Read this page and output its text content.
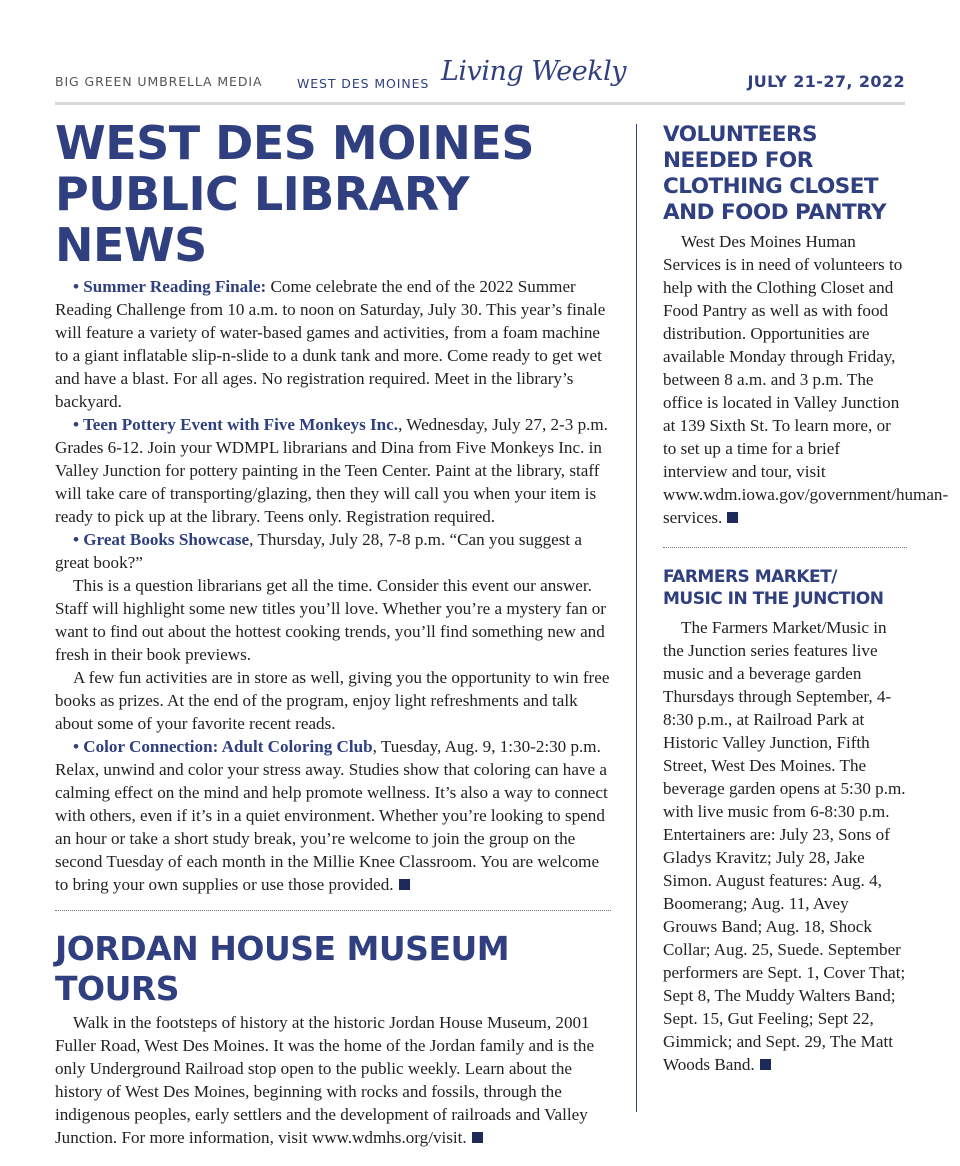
BIG GREEN UMBRELLA MEDIA	WEST DES MOINES Living Weekly	JULY 21-27, 2022
WEST DES MOINES
PUBLIC LIBRARY NEWS

• Summer Reading Finale: Come celebrate the end of the 2022 Summer Reading Challenge from 10 a.m. to noon on Saturday, July 30. This year’s finale will feature a variety of water-based games and activities, from a foam machine to a giant inflatable slip-n-slide to a dunk tank and more. Come ready to get wet and have a blast. For all ages. No registration required. Meet in the library’s backyard.

• Teen Pottery Event with Five Monkeys Inc., Wednesday, July 27, 2-3 p.m. Grades 6-12. Join your WDMPL librarians and Dina from Five Monkeys Inc. in Valley Junction for pottery painting in the Teen Center. Paint at the library, staff will take care of transporting/glazing, then they will call you when your item is ready to pick up at the library. Teens only. Registration required.

• Great Books Showcase, Thursday, July 28, 7-8 p.m. “Can you suggest a great book?”

This is a question librarians get all the time. Consider this event our answer. Staff will highlight some new titles you’ll love. Whether you’re a mystery fan or want to find out about the hottest cooking trends, you’ll find something new and fresh in their book previews.

A few fun activities are in store as well, giving you the opportunity to win free books as prizes. At the end of the program, enjoy light refreshments and talk about some of your favorite recent reads.

• Color Connection: Adult Coloring Club, Tuesday, Aug. 9, 1:30-2:30 p.m. Relax, unwind and color your stress away. Studies show that coloring can have a calming effect on the mind and help promote wellness. It’s also a way to connect with others, even if it’s in a quiet environment. Whether you’re looking to spend an hour or take a short study break, you’re welcome to join the group on the second Tuesday of each month in the Millie Knee Classroom. You are welcome to bring your own supplies or use those provided.

JORDAN HOUSE MUSEUM TOURS

Walk in the footsteps of history at the historic Jordan House Museum, 2001 Fuller Road, West Des Moines. It was the home of the Jordan family and is the only Underground Railroad stop open to the public weekly. Learn about the history of West Des Moines, beginning with rocks and fossils, through the indigenous peoples, early settlers and the development of railroads and Valley Junction. For more information, visit www.wdmhs.org/visit.

VOLUNTEERS
NEEDED FOR
CLOTHING CLOSET
AND FOOD PANTRY

West Des Moines Human Services is in need of volunteers to help with the Clothing Closet and Food Pantry as well as with food distribution. Opportunities are available Monday through Friday, between 8 a.m. and 3 p.m. The office is located in Valley Junction at 139 Sixth St. To learn more, or to set up a time for a brief interview and tour, visit www.wdm.iowa.gov/government/human-services.

FARMERS MARKET/
MUSIC IN THE JUNCTION

The Farmers Market/Music in the Junction series features live music and a beverage garden Thursdays through September, 4-8:30 p.m., at Railroad Park at Historic Valley Junction, Fifth Street, West Des Moines. The beverage garden opens at 5:30 p.m. with live music from 6-8:30 p.m. Entertainers are: July 23, Sons of Gladys Kravitz; July 28, Jake Simon. August features: Aug. 4, Boomerang; Aug. 11, Avey Grouws Band; Aug. 18, Shock Collar; Aug. 25, Suede. September performers are Sept. 1, Cover That; Sept 8, The Muddy Walters Band; Sept. 15, Gut Feeling; Sept 22, Gimmick; and Sept. 29, The Matt Woods Band.
